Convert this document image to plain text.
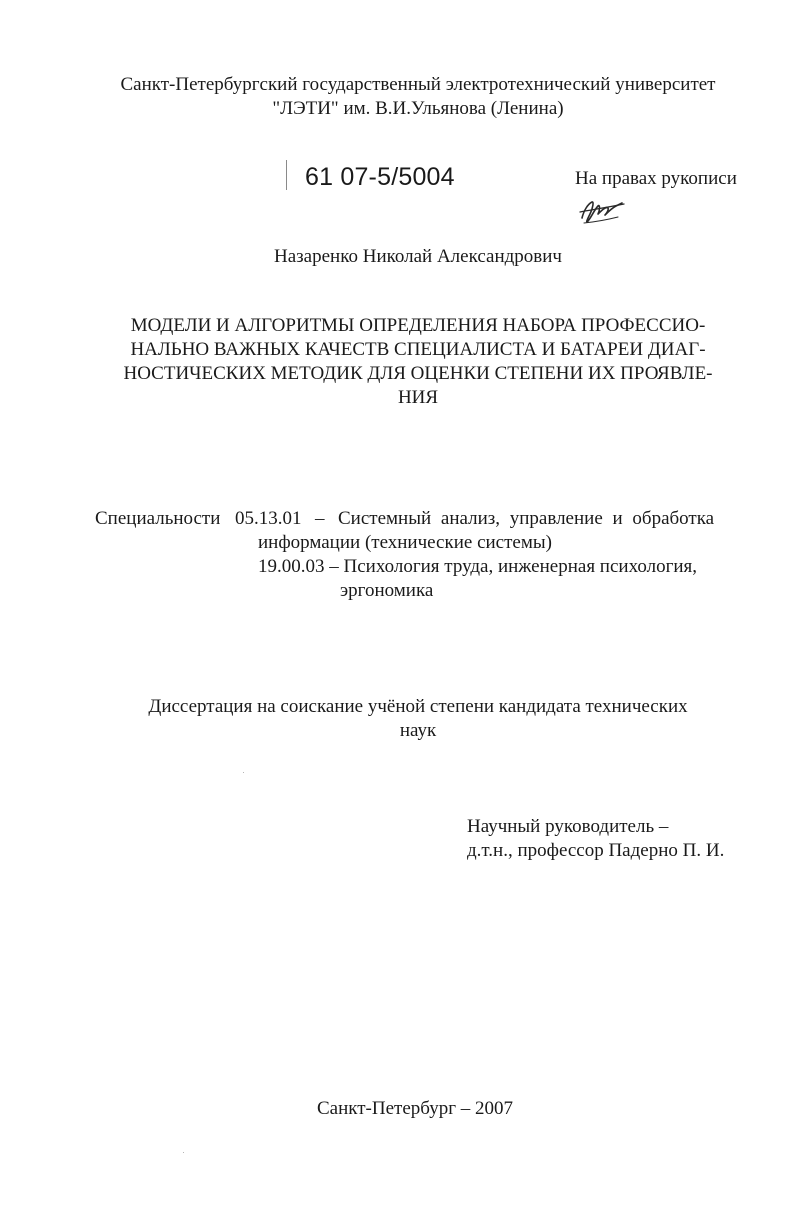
Санкт-Петербургский государственный электротехнический университет
"ЛЭТИ" им. В.И.Ульянова (Ленина)
61 07-5/5004	На правах рукописи
Назаренко Николай Александрович
МОДЕЛИ И АЛГОРИТМЫ ОПРЕДЕЛЕНИЯ НАБОРА ПРОФЕССИО-
НАЛЬНО ВАЖНЫХ КАЧЕСТВ СПЕЦИАЛИСТА И БАТАРЕИ ДИАГ-
НОСТИЧЕСКИХ МЕТОДИК ДЛЯ ОЦЕНКИ СТЕПЕНИ ИХ ПРОЯВЛЕ-
НИЯ
Специальности 05.13.01 – Системный анализ, управление и обработка
информации (технические системы)
19.00.03 – Психология труда, инженерная психология,
эргономика
Диссертация на соискание учёной степени кандидата технических
наук
Научный руководитель –
д.т.н., профессор Падерно П. И.
Санкт-Петербург – 2007
